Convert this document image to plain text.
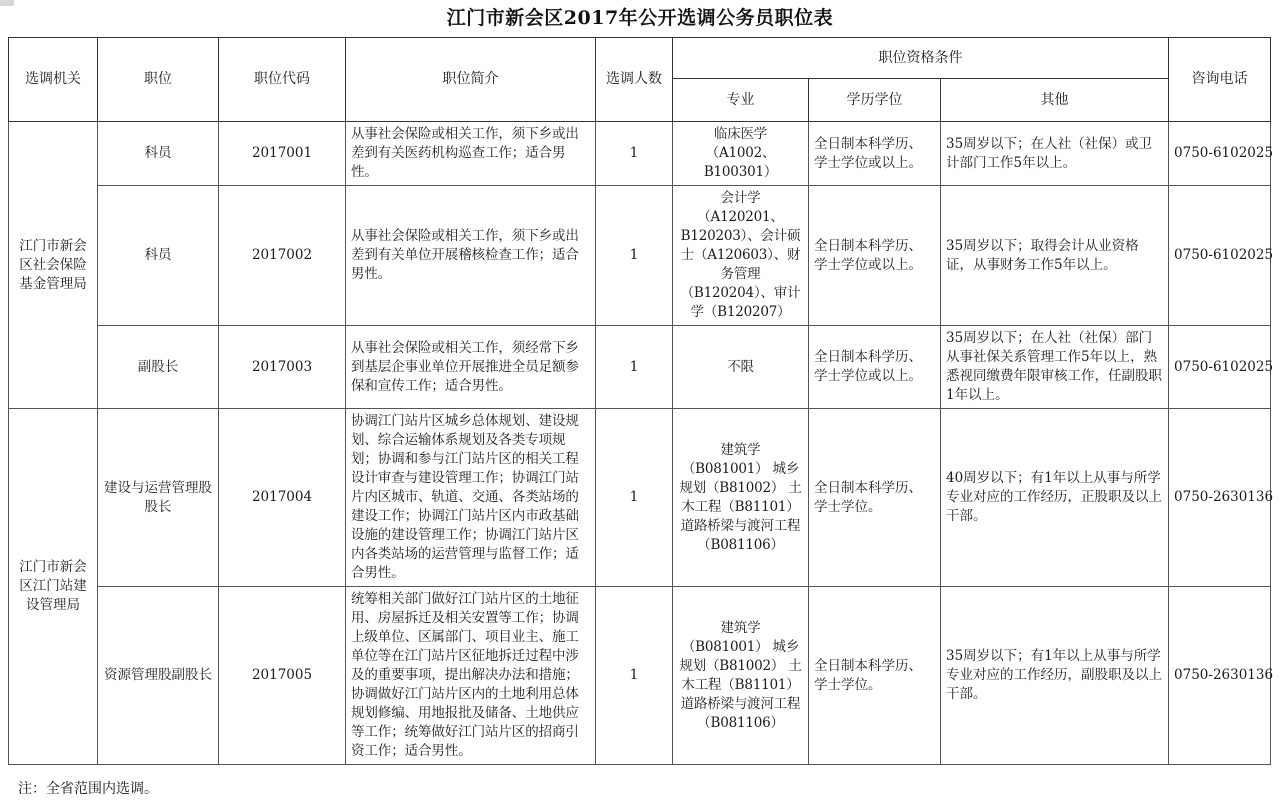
江门市新会区2017年公开选调公务员职位表
选调机关	职位	职位代码	职位简介	选调人数	职位资格条件			咨询电话
					专业	学历学位	其他	
江门市新会区社会保险基金管理局	科员	2017001	从事社会保险或相关工作，须下乡或出差到有关医药机构巡查工作；适合男性。	1	临床医学 （A1002、B100301）	全日制本科学历、学士学位或以上。	35周岁以下；在人社（社保）或卫计部门工作5年以上。	0750-6102025
	科员	2017002	从事社会保险或相关工作，须下乡或出差到有关单位开展稽核检查工作；适合男性。	1	会计学（A120201、B120203）、会计硕士（A120603）、财务管理（B120204）、审计学（B120207）	全日制本科学历、学士学位或以上。	35周岁以下；取得会计从业资格证，从事财务工作5年以上。	0750-6102025
	副股长	2017003	从事社会保险或相关工作，须经常下乡到基层企事业单位开展推进全员足额参保和宣传工作；适合男性。	1	不限	全日制本科学历、学士学位或以上。	35周岁以下；在人社（社保）部门从事社保关系管理工作5年以上，熟悉视同缴费年限审核工作，任副股职1年以上。	0750-6102025
江门市新会区江门站建设管理局	建设与运营管理股股长	2017004	协调江门站片区城乡总体规划、建设规划、综合运输体系规划及各类专项规划；协调和参与江门站片区的相关工程设计审查与建设管理工作；协调江门站片内区城市、轨道、交通、各类站场的建设工作；协调江门站片区内市政基础设施的建设管理工作；协调江门站片区内各类站场的运营管理与监督工作；适合男性。	1	建筑学（B081001） 城乡规划（B81002） 土木工程（B81101） 道路桥梁与渡河工程（B081106）	全日制本科学历、学士学位。	40周岁以下；有1年以上从事与所学专业对应的工作经历，正股职及以上干部。	0750-2630136
	资源管理股副股长	2017005	统筹相关部门做好江门站片区的土地征用、房屋拆迁及相关安置等工作；协调上级单位、区属部门、项目业主、施工单位等在江门站片区征地拆迁过程中涉及的重要事项，提出解决办法和措施；协调做好江门站片区内的土地利用总体规划修编、用地报批及储备、土地供应等工作；统筹做好江门站片区的招商引资工作；适合男性。	1	建筑学（B081001） 城乡规划（B81002） 土木工程（B81101） 道路桥梁与渡河工程（B081106）	全日制本科学历、学士学位。	35周岁以下；有1年以上从事与所学专业对应的工作经历，副股职及以上干部。	0750-2630136
注：全省范围内选调。
